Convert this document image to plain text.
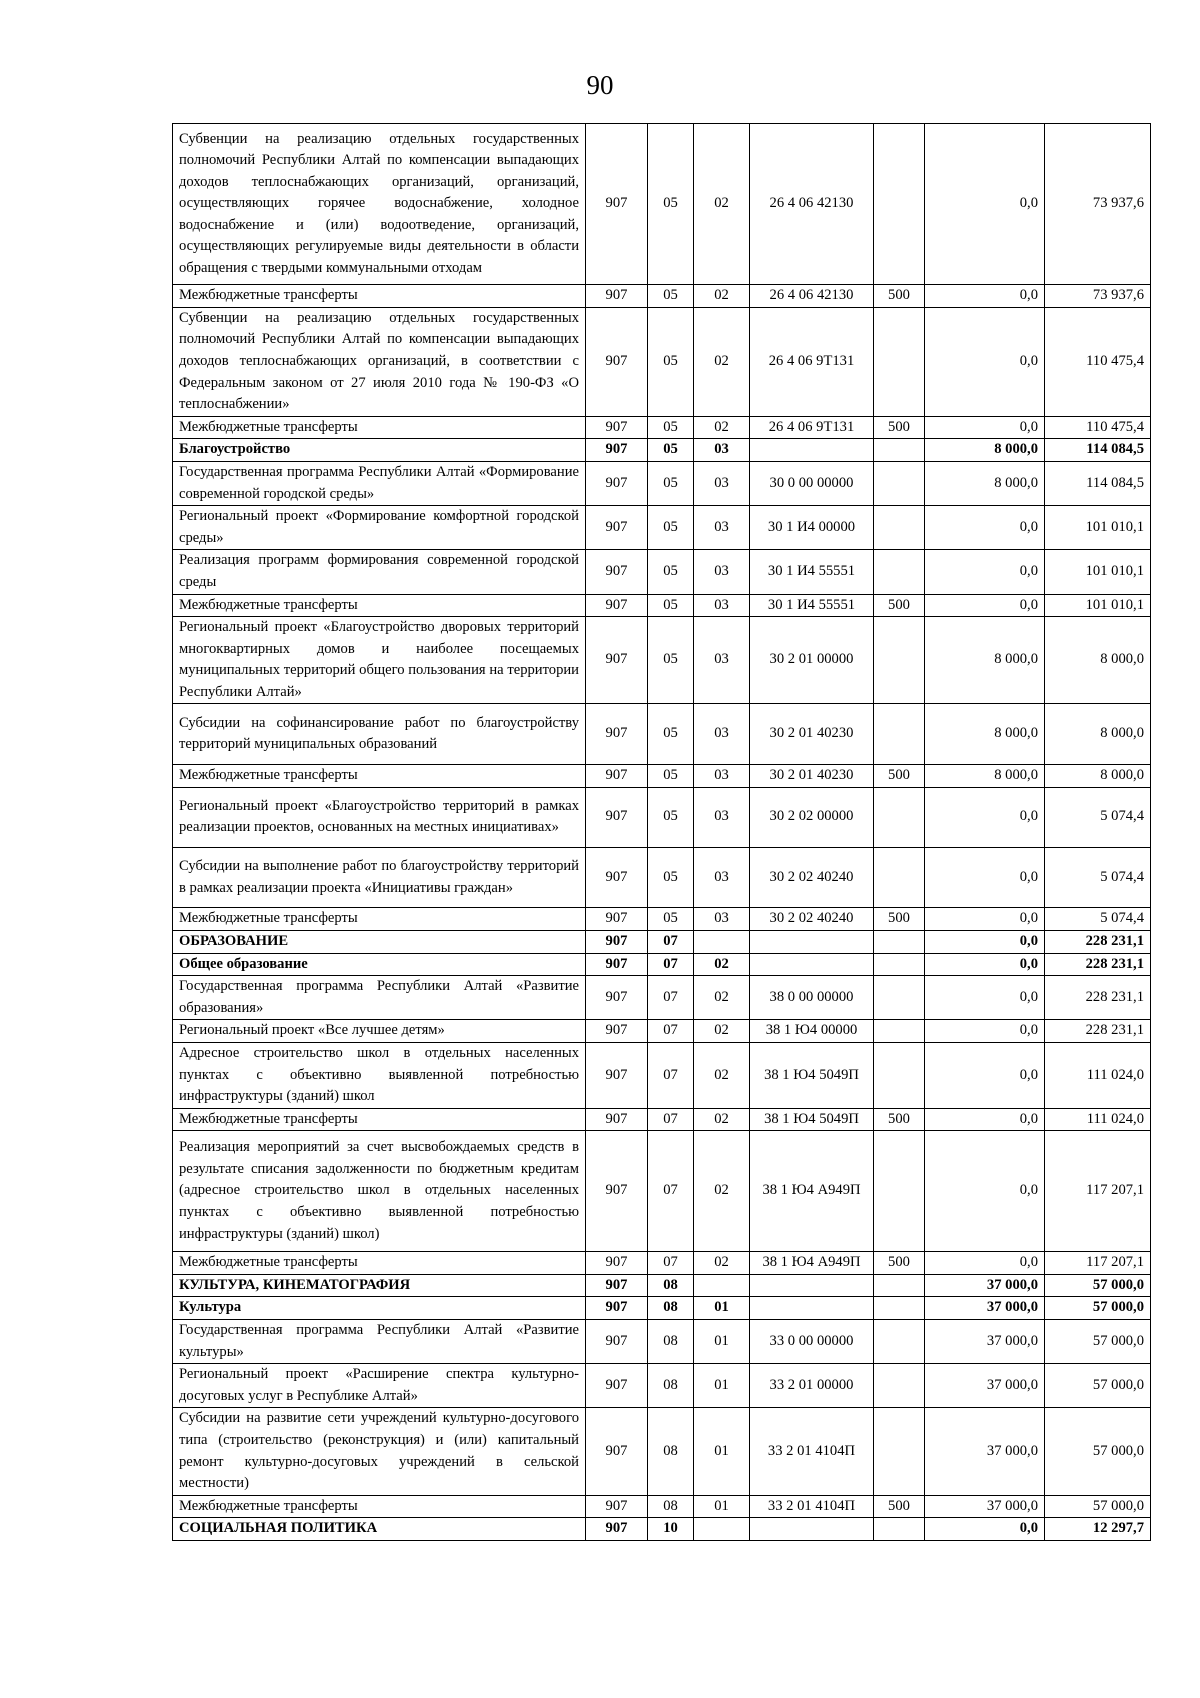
90
Субвенции на реализацию отдельных государственных полномочий Республики Алтай по компенсации выпадающих доходов теплоснабжающих организаций, организаций, осуществляющих горячее водоснабжение, холодное водоснабжение и (или) водоотведение, организаций, осуществляющих регулируемые виды деятельности в области обращения с твердыми коммунальными отходам	907	05	02	26 4 06 42130		0,0	73 937,6
Межбюджетные трансферты	907	05	02	26 4 06 42130	500	0,0	73 937,6
Субвенции на реализацию отдельных государственных полномочий Республики Алтай по компенсации выпадающих доходов теплоснабжающих организаций, в соответствии с Федеральным законом от 27 июля 2010 года № 190-ФЗ «О теплоснабжении»	907	05	02	26 4 06 9Т131		0,0	110 475,4
Межбюджетные трансферты	907	05	02	26 4 06 9Т131	500	0,0	110 475,4
Благоустройство	907	05	03			8 000,0	114 084,5
Государственная программа Республики Алтай «Формирование современной городской среды»	907	05	03	30 0 00 00000		8 000,0	114 084,5
Региональный проект «Формирование комфортной городской среды»	907	05	03	30 1 И4 00000		0,0	101 010,1
Реализация программ формирования современной городской среды	907	05	03	30 1 И4 55551		0,0	101 010,1
Межбюджетные трансферты	907	05	03	30 1 И4 55551	500	0,0	101 010,1
Региональный проект «Благоустройство дворовых территорий многоквартирных домов и наиболее посещаемых муниципальных территорий общего пользования на территории Республики Алтай»	907	05	03	30 2 01 00000		8 000,0	8 000,0
Субсидии на софинансирование работ по благоустройству территорий муниципальных образований	907	05	03	30 2 01 40230		8 000,0	8 000,0
Межбюджетные трансферты	907	05	03	30 2 01 40230	500	8 000,0	8 000,0
Региональный проект «Благоустройство территорий в рамках реализации проектов, основанных на местных инициативах»	907	05	03	30 2 02 00000		0,0	5 074,4
Субсидии на выполнение работ по благоустройству территорий в рамках реализации проекта «Инициативы граждан»	907	05	03	30 2 02 40240		0,0	5 074,4
Межбюджетные трансферты	907	05	03	30 2 02 40240	500	0,0	5 074,4
ОБРАЗОВАНИЕ	907	07				0,0	228 231,1
Общее образование	907	07	02			0,0	228 231,1
Государственная программа Республики Алтай «Развитие образования»	907	07	02	38 0 00 00000		0,0	228 231,1
Региональный проект «Все лучшее детям»	907	07	02	38 1 Ю4 00000		0,0	228 231,1
Адресное строительство школ в отдельных населенных пунктах с объективно выявленной потребностью инфраструктуры (зданий) школ	907	07	02	38 1 Ю4 5049П		0,0	111 024,0
Межбюджетные трансферты	907	07	02	38 1 Ю4 5049П	500	0,0	111 024,0
Реализация мероприятий за счет высвобождаемых средств в результате списания задолженности по бюджетным кредитам (адресное строительство школ в отдельных населенных пунктах с объективно выявленной потребностью инфраструктуры (зданий) школ)	907	07	02	38 1 Ю4 А949П		0,0	117 207,1
Межбюджетные трансферты	907	07	02	38 1 Ю4 А949П	500	0,0	117 207,1
КУЛЬТУРА, КИНЕМАТОГРАФИЯ	907	08				37 000,0	57 000,0
Культура	907	08	01			37 000,0	57 000,0
Государственная программа Республики Алтай «Развитие культуры»	907	08	01	33 0 00 00000		37 000,0	57 000,0
Региональный проект «Расширение спектра культурно-досуговых услуг в Республике Алтай»	907	08	01	33 2 01 00000		37 000,0	57 000,0
Субсидии на развитие сети учреждений культурно-досугового типа (строительство (реконструкция) и (или) капитальный ремонт культурно-досуговых учреждений в сельской местности)	907	08	01	33 2 01 4104П		37 000,0	57 000,0
Межбюджетные трансферты	907	08	01	33 2 01 4104П	500	37 000,0	57 000,0
СОЦИАЛЬНАЯ ПОЛИТИКА	907	10				0,0	12 297,7
